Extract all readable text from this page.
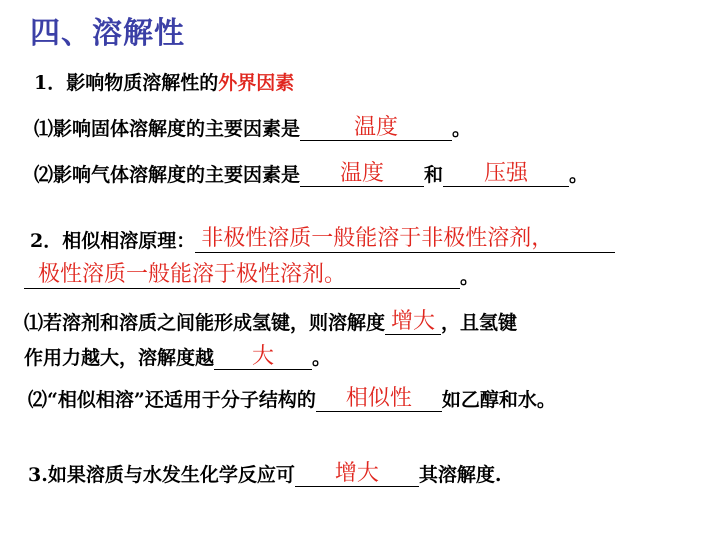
四、溶解性
1．影响物质溶解性的外界因素
⑴影响固体溶解度的主要因素是	温度	。
⑵影响气体溶解度的主要因素是	温度	和	压强	。
2．相似相溶原理： 非极性溶质一般能溶于非极性溶剂，
极性溶质一般能溶于极性溶剂。	。
⑴若溶剂和溶质之间能形成氢键，则溶解度 增大 ，且氢键
作用力越大，溶解度越	大	。
⑵“相似相溶”还适用于分子结构的	相似性	如乙醇和水。
3.如果溶质与水发生化学反应可	增大	其溶解度.
